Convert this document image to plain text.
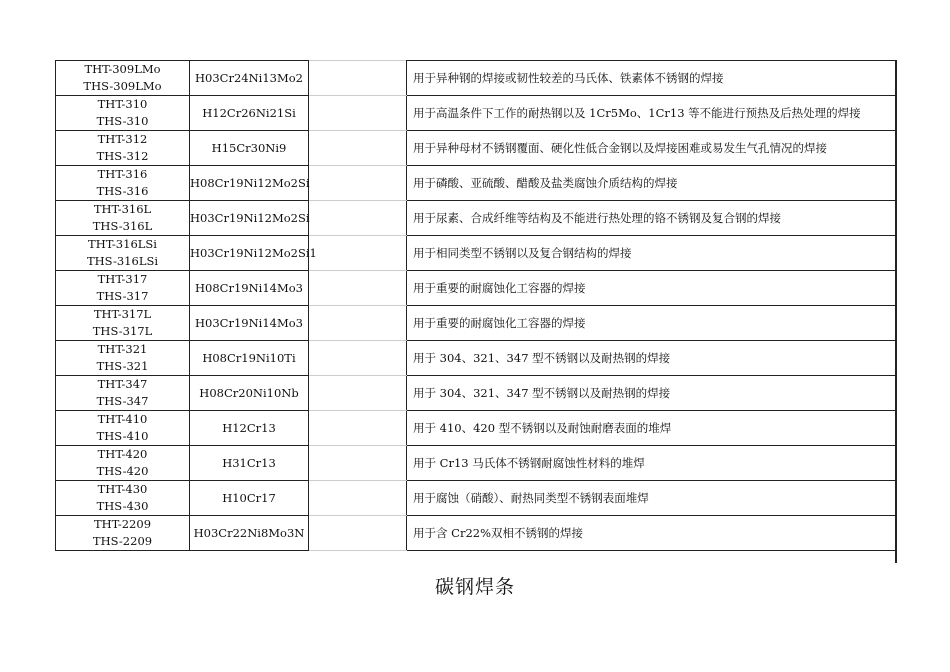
THT-309LMo
THS-309LMo	H03Cr24Ni13Mo2		用于异种钢的焊接或韧性较差的马氏体、铁素体不锈钢的焊接

THT-310
THS-310	H12Cr26Ni21Si		用于高温条件下工作的耐热钢以及 1Cr5Mo、1Cr13 等不能进行预热及后热处理的焊接

THT-312
THS-312	H15Cr30Ni9		用于异种母材不锈钢覆面、硬化性低合金钢以及焊接困难或易发生气孔情况的焊接

THT-316
THS-316	H08Cr19Ni12Mo2Si		用于磷酸、亚硫酸、醋酸及盐类腐蚀介质结构的焊接

THT-316L
THS-316L	H03Cr19Ni12Mo2Si		用于尿素、合成纤维等结构及不能进行热处理的铬不锈钢及复合钢的焊接

THT-316LSi
THS-316LSi	H03Cr19Ni12Mo2Si1		用于相同类型不锈钢以及复合钢结构的焊接

THT-317
THS-317	H08Cr19Ni14Mo3		用于重要的耐腐蚀化工容器的焊接

THT-317L
THS-317L	H03Cr19Ni14Mo3		用于重要的耐腐蚀化工容器的焊接

THT-321
THS-321	H08Cr19Ni10Ti		用于 304、321、347 型不锈钢以及耐热钢的焊接

THT-347
THS-347	H08Cr20Ni10Nb		用于 304、321、347 型不锈钢以及耐热钢的焊接

THT-410
THS-410	H12Cr13		用于 410、420 型不锈钢以及耐蚀耐磨表面的堆焊

THT-420
THS-420	H31Cr13		用于 Cr13 马氏体不锈钢耐腐蚀性材料的堆焊

THT-430
THS-430	H10Cr17		用于腐蚀（硝酸）、耐热同类型不锈钢表面堆焊

THT-2209
THS-2209	H03Cr22Ni8Mo3N		用于含 Cr22%双相不锈钢的焊接
碳钢焊条
